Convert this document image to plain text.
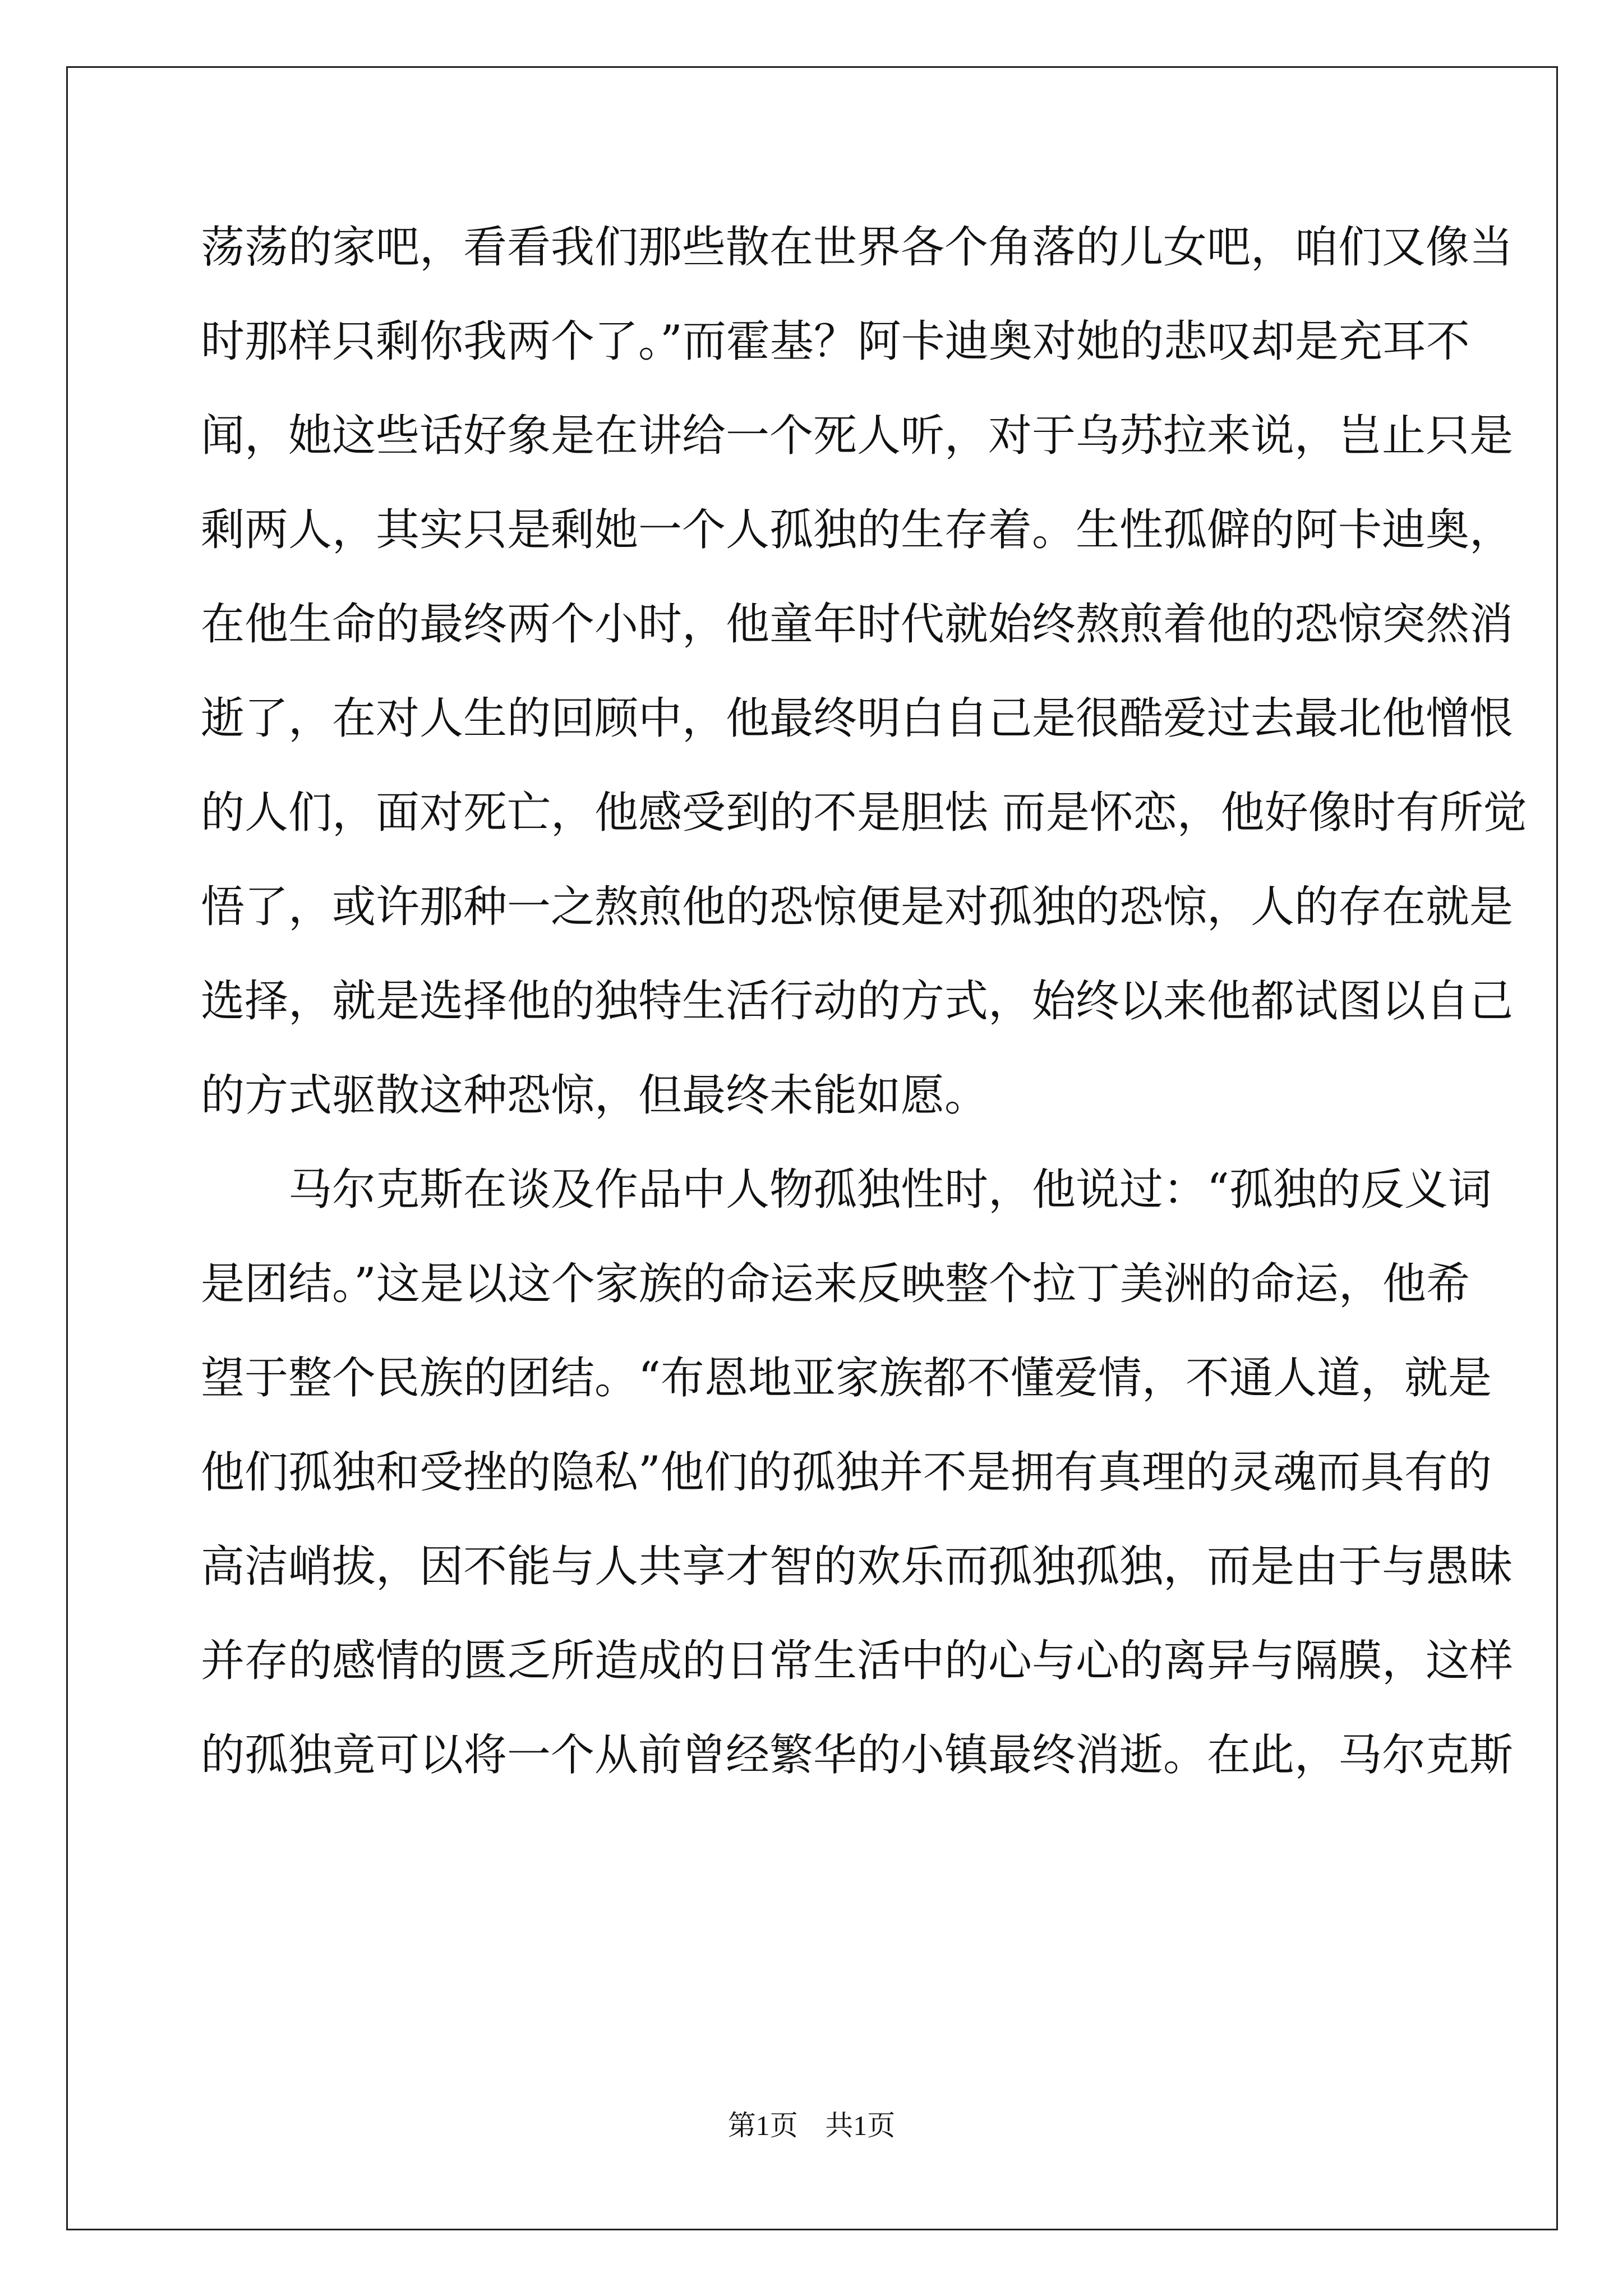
荡荡的家吧，看看我们那些散在世界各个角落的儿女吧，咱们又像当
时那样只剩你我两个了。”而霍基？阿卡迪奥对她的悲叹却是充耳不
闻，她这些话好象是在讲给一个死人听，对于乌苏拉来说，岂止只是
剩两人，其实只是剩她一个人孤独的生存着。生性孤僻的阿卡迪奥，
在他生命的最终两个小时，他童年时代就始终熬煎着他的恐惊突然消
逝了，在对人生的回顾中，他最终明白自己是很酷爱过去最北他憎恨
的人们，面对死亡，他感受到的不是胆怯 而是怀恋，他好像时有所觉
悟了，或许那种一之熬煎他的恐惊便是对孤独的恐惊，人的存在就是
选择，就是选择他的独特生活行动的方式，始终以来他都试图以自己
的方式驱散这种恐惊，但最终未能如愿。
马尔克斯在谈及作品中人物孤独性时，他说过：“孤独的反义词
是团结。”这是以这个家族的命运来反映整个拉丁美洲的命运，他希
望于整个民族的团结。“布恩地亚家族都不懂爱情，不通人道，就是
他们孤独和受挫的隐私”他们的孤独并不是拥有真理的灵魂而具有的
高洁峭拔，因不能与人共享才智的欢乐而孤独孤独，而是由于与愚昧
并存的感情的匮乏所造成的日常生活中的心与心的离异与隔膜，这样
的孤独竟可以将一个从前曾经繁华的小镇最终消逝。在此，马尔克斯
第1页 共1页
